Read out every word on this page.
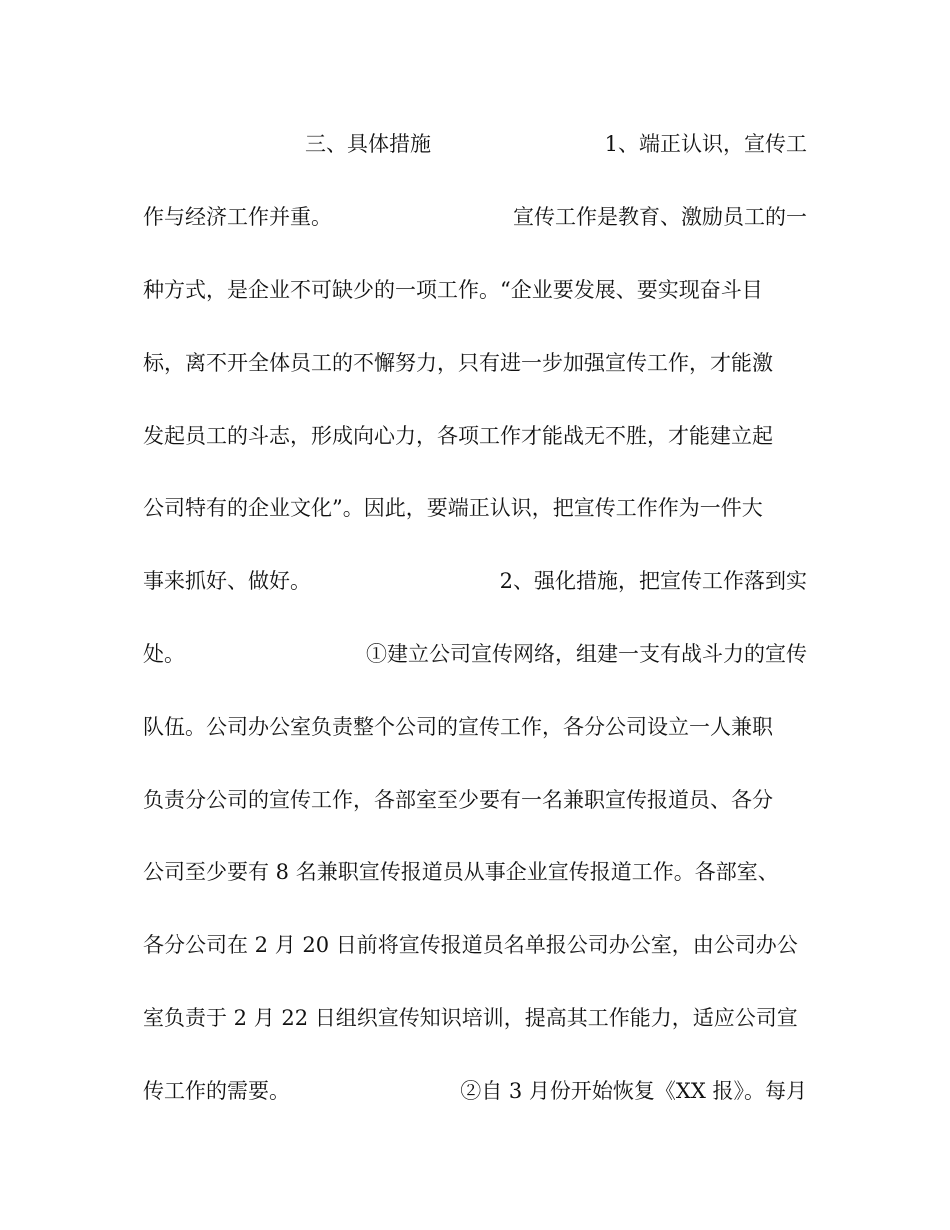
三、具体措施	1、端正认识，宣传工
作与经济工作并重。	宣传工作是教育、激励员工的一
种方式，是企业不可缺少的一项工作。“企业要发展、要实现奋斗目
标，离不开全体员工的不懈努力，只有进一步加强宣传工作，才能激
发起员工的斗志，形成向心力，各项工作才能战无不胜，才能建立起
公司特有的企业文化”。因此，要端正认识，把宣传工作作为一件大
事来抓好、做好。	2、强化措施，把宣传工作落到实
处。	①建立公司宣传网络，组建一支有战斗力的宣传
队伍。公司办公室负责整个公司的宣传工作，各分公司设立一人兼职
负责分公司的宣传工作，各部室至少要有一名兼职宣传报道员、各分
公司至少要有 8 名兼职宣传报道员从事企业宣传报道工作。各部室、
各分公司在 2 月 20 日前将宣传报道员名单报公司办公室，由公司办公
室负责于 2 月 22 日组织宣传知识培训，提高其工作能力，适应公司宣
传工作的需要。	②自 3 月份开始恢复《XX 报》。每月
